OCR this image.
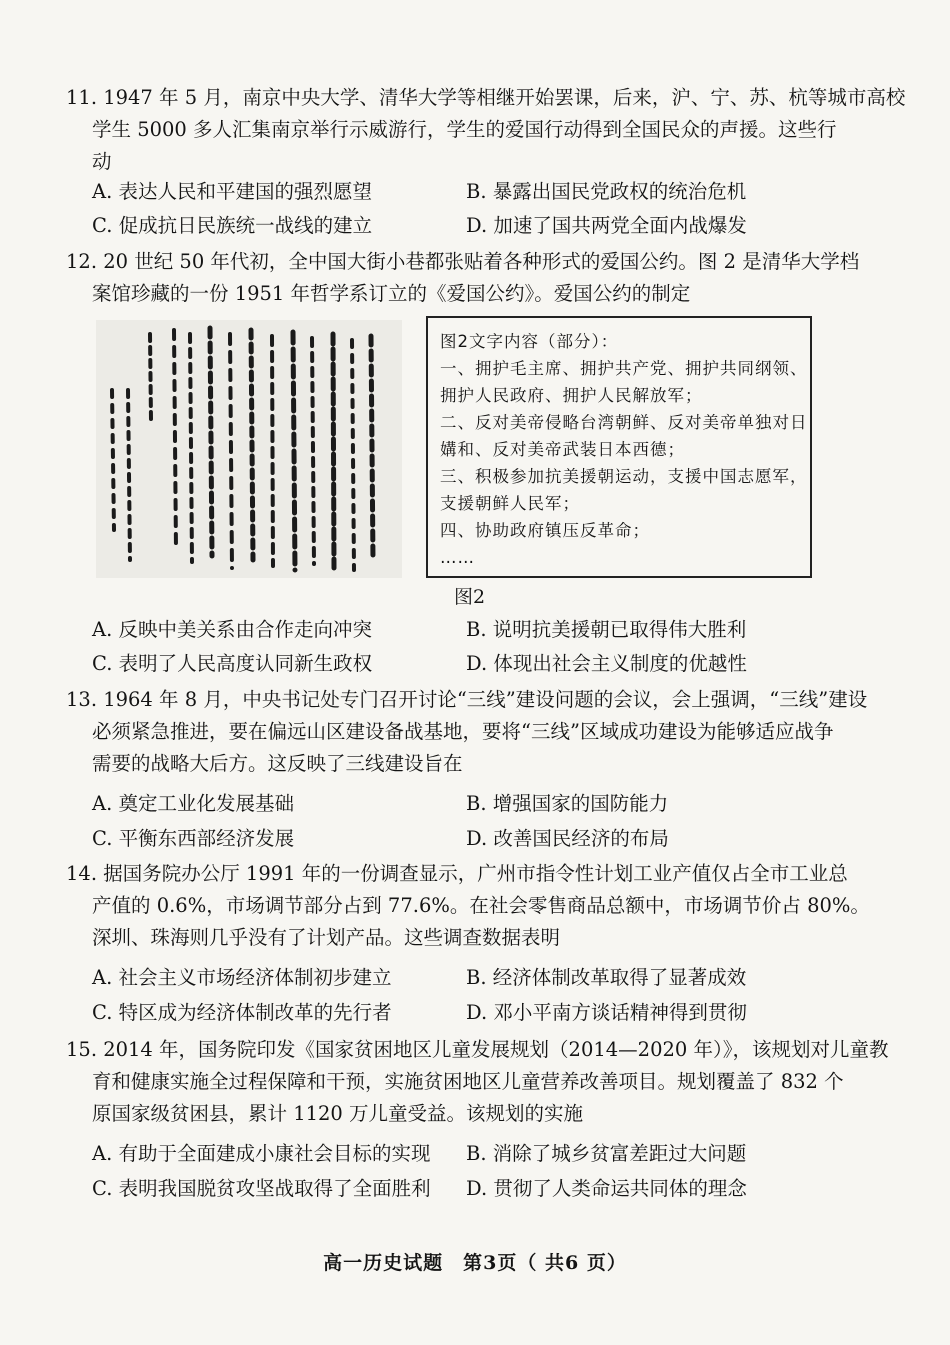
11. 1947 年 5 月，南京中央大学、清华大学等相继开始罢课，后来，沪、宁、苏、杭等城市高校
学生 5000 多人汇集南京举行示威游行，学生的爱国行动得到全国民众的声援。这些行
动
A. 表达人民和平建国的强烈愿望	B. 暴露出国民党政权的统治危机
C. 促成抗日民族统一战线的建立	D. 加速了国共两党全面内战爆发
12. 20 世纪 50 年代初，全中国大街小巷都张贴着各种形式的爱国公约。图 2 是清华大学档
案馆珍藏的一份 1951 年哲学系订立的《爱国公约》。爱国公约的制定
图2文字内容（部分）：
一、拥护毛主席、拥护共产党、拥护共同纲领、
拥护人民政府、拥护人民解放军；
二、反对美帝侵略台湾朝鲜、反对美帝单独对日
媾和、反对美帝武装日本西德；
三、积极参加抗美援朝运动，支援中国志愿军，
支援朝鲜人民军；
四、协助政府镇压反革命；
……
图2
A. 反映中美关系由合作走向冲突	B. 说明抗美援朝已取得伟大胜利
C. 表明了人民高度认同新生政权	D. 体现出社会主义制度的优越性
13. 1964 年 8 月，中央书记处专门召开讨论“三线”建设问题的会议，会上强调，“三线”建设
必须紧急推进，要在偏远山区建设备战基地，要将“三线”区域成功建设为能够适应战争
需要的战略大后方。这反映了三线建设旨在
A. 奠定工业化发展基础	B. 增强国家的国防能力
C. 平衡东西部经济发展	D. 改善国民经济的布局
14. 据国务院办公厅 1991 年的一份调查显示，广州市指令性计划工业产值仅占全市工业总
产值的 0.6%，市场调节部分占到 77.6%。在社会零售商品总额中，市场调节价占 80%。
深圳、珠海则几乎没有了计划产品。这些调查数据表明
A. 社会主义市场经济体制初步建立	B. 经济体制改革取得了显著成效
C. 特区成为经济体制改革的先行者	D. 邓小平南方谈话精神得到贯彻
15. 2014 年，国务院印发《国家贫困地区儿童发展规划（2014—2020 年）》，该规划对儿童教
育和健康实施全过程保障和干预，实施贫困地区儿童营养改善项目。规划覆盖了 832 个
原国家级贫困县，累计 1120 万儿童受益。该规划的实施
A. 有助于全面建成小康社会目标的实现 B. 消除了城乡贫富差距过大问题
C. 表明我国脱贫攻坚战取得了全面胜利 D. 贯彻了人类命运共同体的理念
高一历史试题　第3页（ 共6 页）
